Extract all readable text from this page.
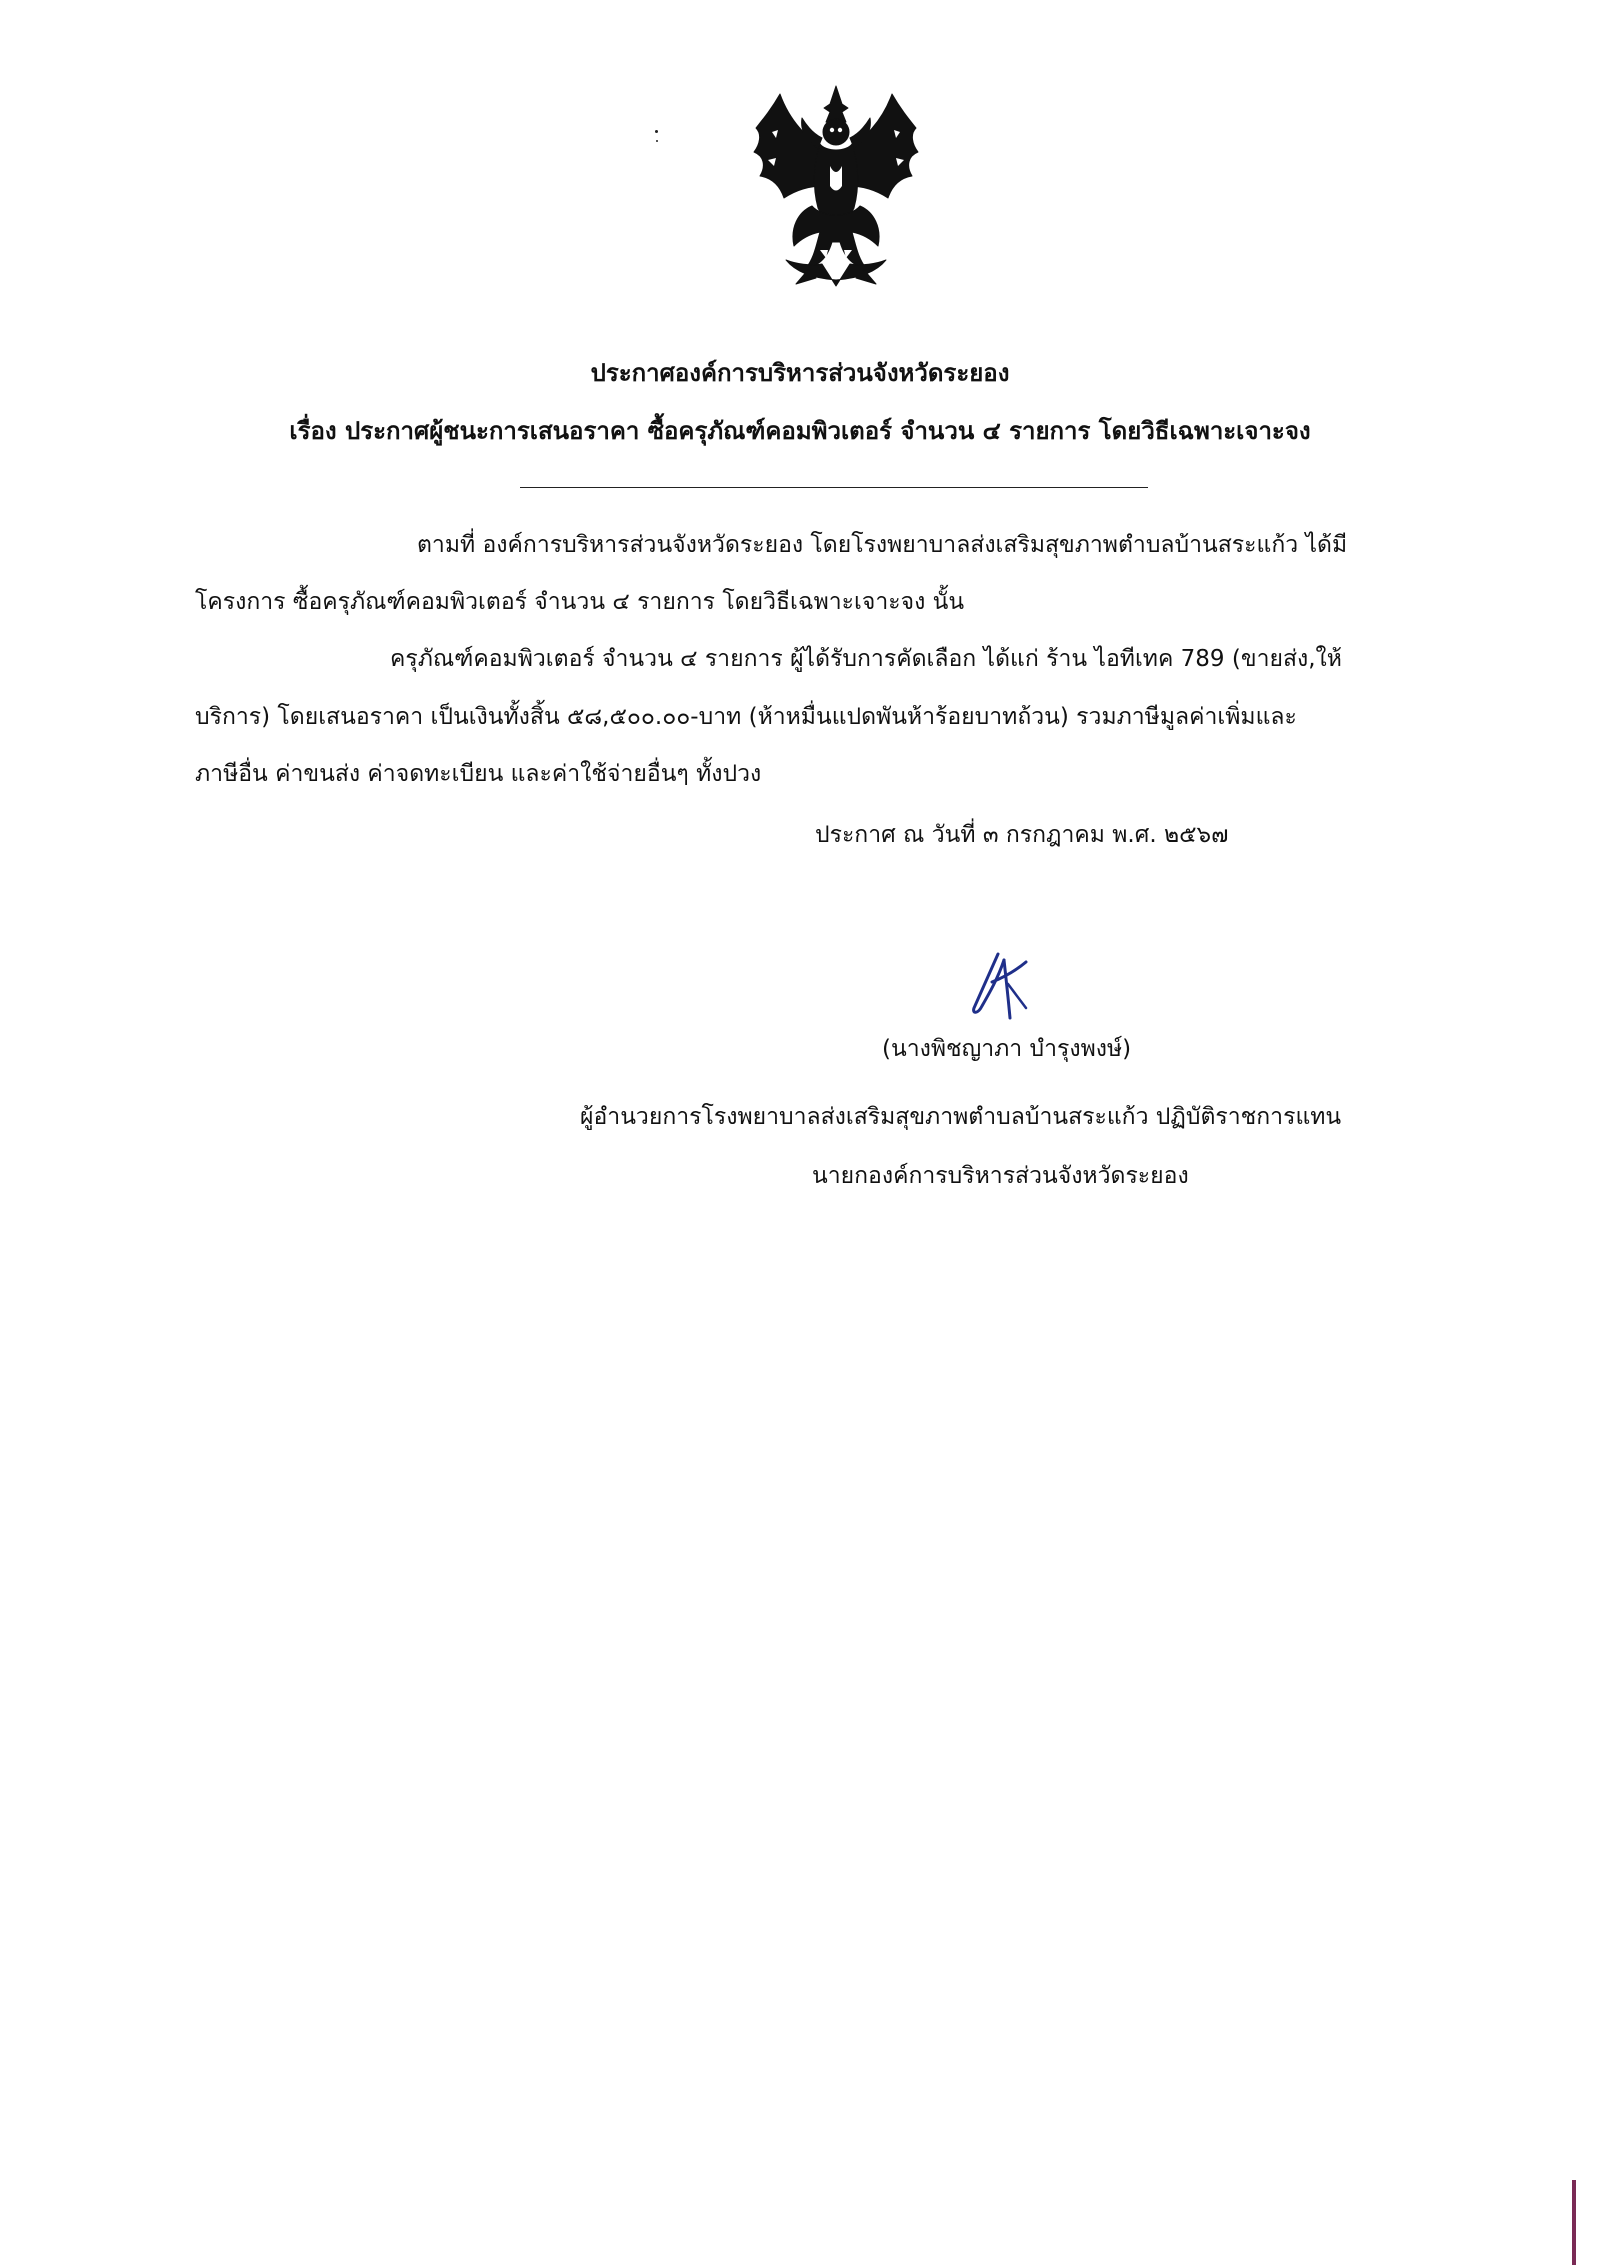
ประกาศองค์การบริหารส่วนจังหวัดระยอง
เรื่อง ประกาศผู้ชนะการเสนอราคา ซื้อครุภัณฑ์คอมพิวเตอร์ จำนวน ๔ รายการ โดยวิธีเฉพาะเจาะจง
ตามที่ องค์การบริหารส่วนจังหวัดระยอง โดยโรงพยาบาลส่งเสริมสุขภาพตำบลบ้านสระแก้ว ได้มี
โครงการ ซื้อครุภัณฑ์คอมพิวเตอร์ จำนวน ๔ รายการ โดยวิธีเฉพาะเจาะจง นั้น
ครุภัณฑ์คอมพิวเตอร์ จำนวน ๔ รายการ ผู้ได้รับการคัดเลือก ได้แก่ ร้าน ไอทีเทค 789 (ขายส่ง,ให้
บริการ) โดยเสนอราคา เป็นเงินทั้งสิ้น ๕๘,๕๐๐.๐๐-บาท (ห้าหมื่นแปดพันห้าร้อยบาทถ้วน) รวมภาษีมูลค่าเพิ่มและ
ภาษีอื่น ค่าขนส่ง ค่าจดทะเบียน และค่าใช้จ่ายอื่นๆ ทั้งปวง
ประกาศ ณ วันที่ ๓ กรกฎาคม พ.ศ. ๒๕๖๗
(นางพิชญาภา บำรุงพงษ์)
ผู้อำนวยการโรงพยาบาลส่งเสริมสุขภาพตำบลบ้านสระแก้ว ปฏิบัติราชการแทน
นายกองค์การบริหารส่วนจังหวัดระยอง
